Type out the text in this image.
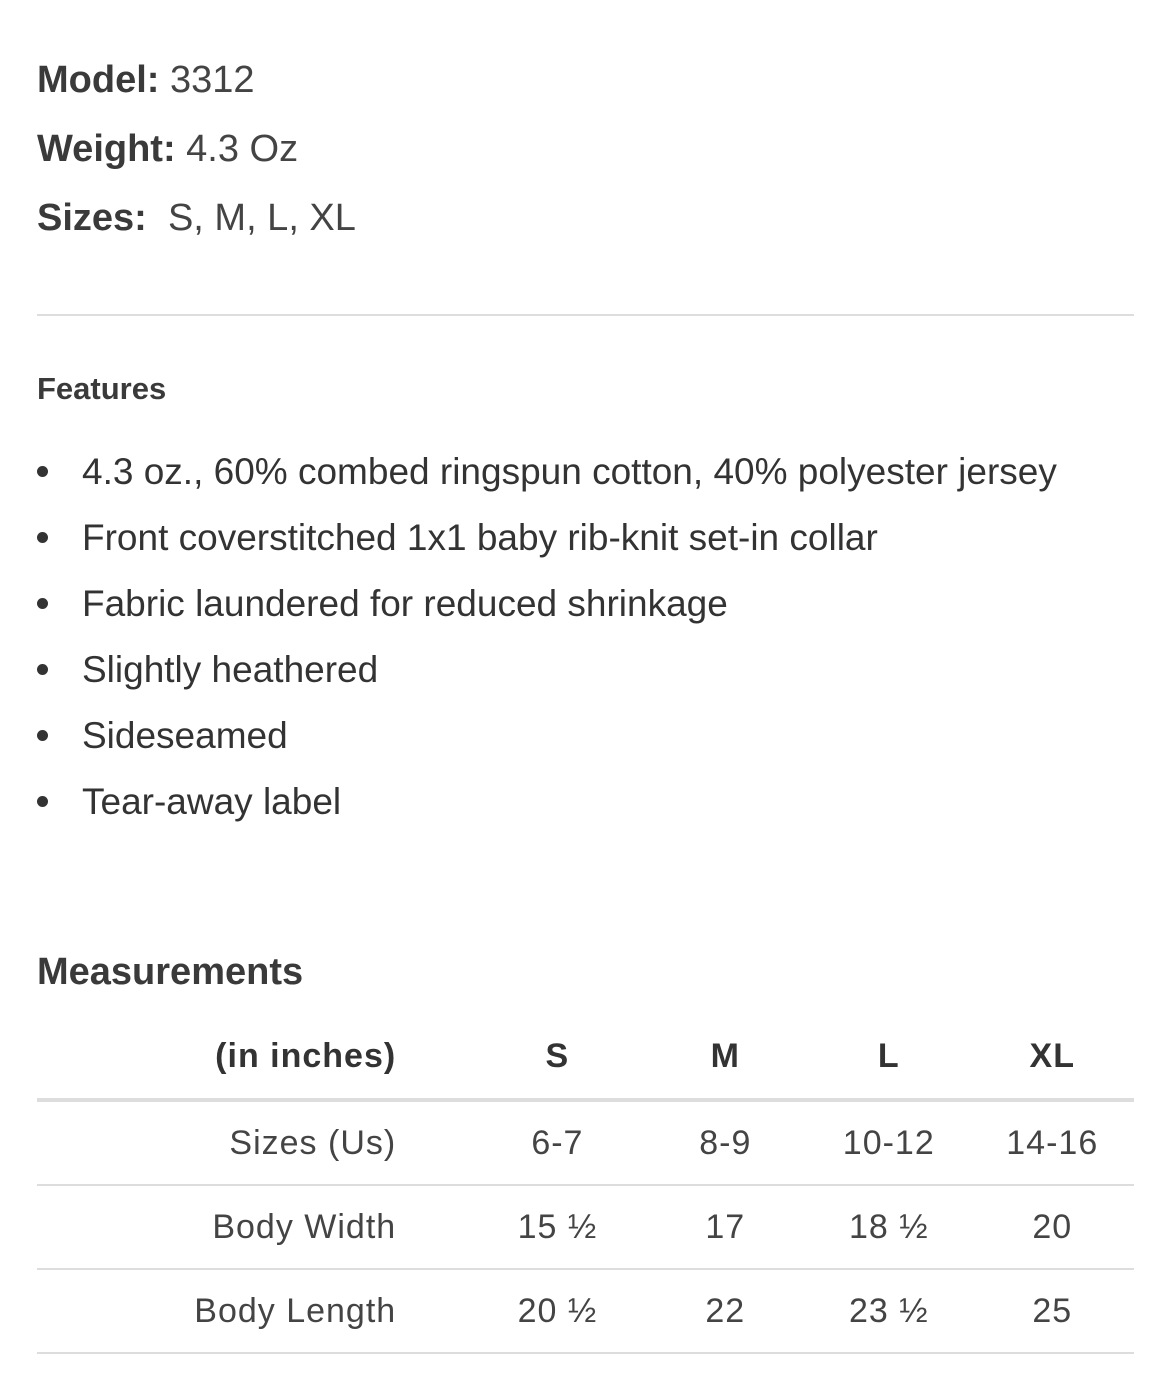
Model: 3312
Weight: 4.3 Oz
Sizes: S, M, L, XL
Features
4.3 oz., 60% combed ringspun cotton, 40% polyester jersey
Front coverstitched 1x1 baby rib-knit set-in collar
Fabric laundered for reduced shrinkage
Slightly heathered
Sideseamed
Tear-away label
Measurements
(in inches)	S	M	L	XL
Sizes (Us)	6-7	8-9	10-12	14-16
Body Width	15 ½	17	18 ½	20
Body Length	20 ½	22	23 ½	25
